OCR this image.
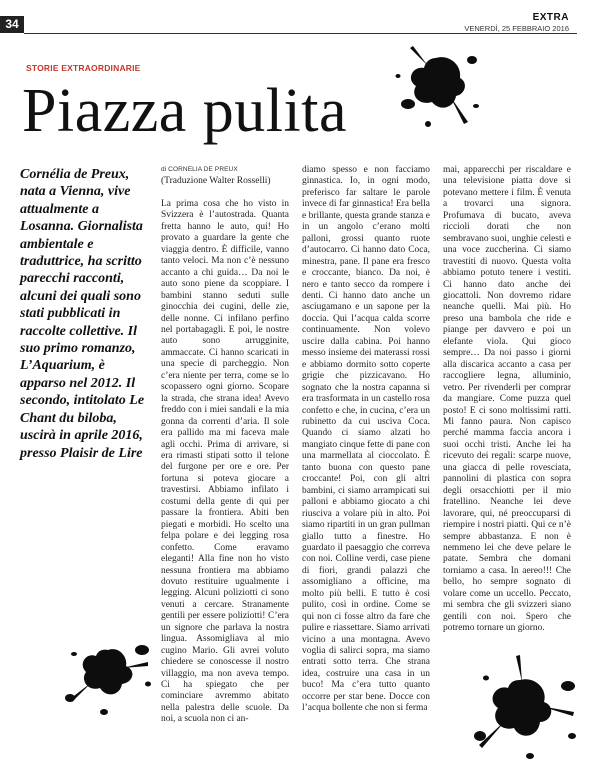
34	EXTRA
VENERDÌ, 25 FEBBRAIO 2016
STORIE EXTRAORDINARIE
Piazza pulita

Cornélia de Preux, nata a Vienna, vive attualmente a Losanna. Giornalista ambientale e traduttrice, ha scritto parecchi racconti, alcuni dei quali sono stati pubblicati in raccolte collettive. Il suo primo romanzo, L’Aquarium, è apparso nel 2012. Il secondo, intitolato Le Chant du biloba, uscirà in aprile 2016, presso Plaisir de Lire

di CORNELIA DE PREUX
(Traduzione Walter Rosselli)

La prima cosa che ho visto in Svizzera è l’autostrada. Quanta fretta hanno le auto, qui! Ho provato a guardare la gente che viaggia dentro. È difficile, vanno tanto veloci. Ma non c’è nessuno accanto a chi guida… Da noi le auto sono piene da scoppiare. I bambini stanno seduti sulle ginocchia dei cugini, delle zie, delle nonne. Ci infilano perfino nel portabagagli. E poi, le nostre auto sono arrugginite, ammaccate. Ci hanno scaricati in una specie di parcheggio. Non c’era niente per terra, come se lo scopassero ogni giorno. Scopare la strada, che strana idea! Avevo freddo con i miei sandali e la mia gonna da correnti d’aria. Il sole era pallido ma mi faceva male agli occhi. Prima di arrivare, si era rimasti stipati sotto il telone del furgone per ore e ore. Per fortuna si poteva giocare a travestirsi. Abbiamo infilato i costumi della gente di qui per passare la frontiera. Abiti ben piegati e morbidi. Ho scelto una felpa polare e dei legging rosa confetto. Come eravamo eleganti! Alla fine non ho visto nessuna frontiera ma abbiamo dovuto restituire ugualmente i legging. Alcuni poliziotti ci sono venuti a cercare. Stranamente gentili per essere poliziotti! C’era un signore che parlava la nostra lingua. Assomigliava al mio cugino Mario. Gli avrei voluto chiedere se conoscesse il nostro villaggio, ma non aveva tempo. Ci ha spiegato che per cominciare avremmo abitato nella palestra delle scuole. Da noi, a scuola non ci an-

diamo spesso e non facciamo ginnastica. Io, in ogni modo, preferisco far saltare le parole invece di far ginnastica! Era bella e brillante, questa grande stanza e in un angolo c’erano molti palloni, grossi quanto ruote d’autocarro. Ci hanno dato Coca, minestra, pane. Il pane era fresco e croccante, bianco. Da noi, è nero e tanto secco da rompere i denti. Ci hanno dato anche un asciugamano e un sapone per la doccia. Qui l’acqua calda scorre continuamente. Non volevo uscire dalla cabina. Poi hanno messo insieme dei materassi rossi e abbiamo dormito sotto coperte grigie che pizzicavano. Ho sognato che la nostra capanna si era trasformata in un castello rosa confetto e che, in cucina, c’era un rubinetto da cui usciva Coca. Quando ci siamo alzati ho mangiato cinque fette di pane con una marmellata al cioccolato. È tanto buona con questo pane croccante! Poi, con gli altri bambini, ci siamo arrampicati sui palloni e abbiamo giocato a chi riusciva a volare più in alto. Poi siamo ripartiti in un gran pullman giallo tutto a finestre. Ho guardato il paesaggio che correva con noi. Colline verdi, case piene di fiori, grandi palazzi che assomigliano a officine, ma molto più belli. E tutto è così pulito, così in ordine. Come se qui non ci fosse altro da fare che pulire e riassettare. Siamo arrivati vicino a una montagna. Avevo voglia di salirci sopra, ma siamo entrati sotto terra. Che strana idea, costruire una casa in un buco! Ma c’era tutto quanto occorre per star bene. Docce con l’acqua bollente che non si ferma

mai, apparecchi per riscaldare e una televisione piatta dove si potevano mettere i film. È venuta a trovarci una signora. Profumava di bucato, aveva riccioli dorati che non sembravano suoi, unghie celesti e una voce zuccherina. Ci siamo travestiti di nuovo. Questa volta abbiamo potuto tenere i vestiti. Ci hanno dato anche dei giocattoli. Non dovremo ridare neanche quelli. Mai più. Ho preso una bambola che ride e piange per davvero e poi un elefante viola. Qui gioco sempre… Da noi passo i giorni alla discarica accanto a casa per raccogliere legna, alluminio, vetro. Per rivenderli per comprar da mangiare. Come puzza quel posto! E ci sono moltissimi ratti. Mi fanno paura. Non capisco perché mamma faccia ancora i suoi occhi tristi. Anche lei ha ricevuto dei regali: scarpe nuove, una giacca di pelle rovesciata, pannolini di plastica con sopra degli orsacchiotti per il mio fratellino. Neanche lei deve lavorare, qui, né preoccuparsi di riempire i nostri piatti. Qui ce n’è sempre abbastanza. E non è nemmeno lei che deve pelare le patate. Sembra che domani torniamo a casa. In aereo!!! Che bello, ho sempre sognato di volare come un uccello. Peccato, mi sembra che gli svizzeri siano gentili con noi. Spero che potremo tornare un giorno.
